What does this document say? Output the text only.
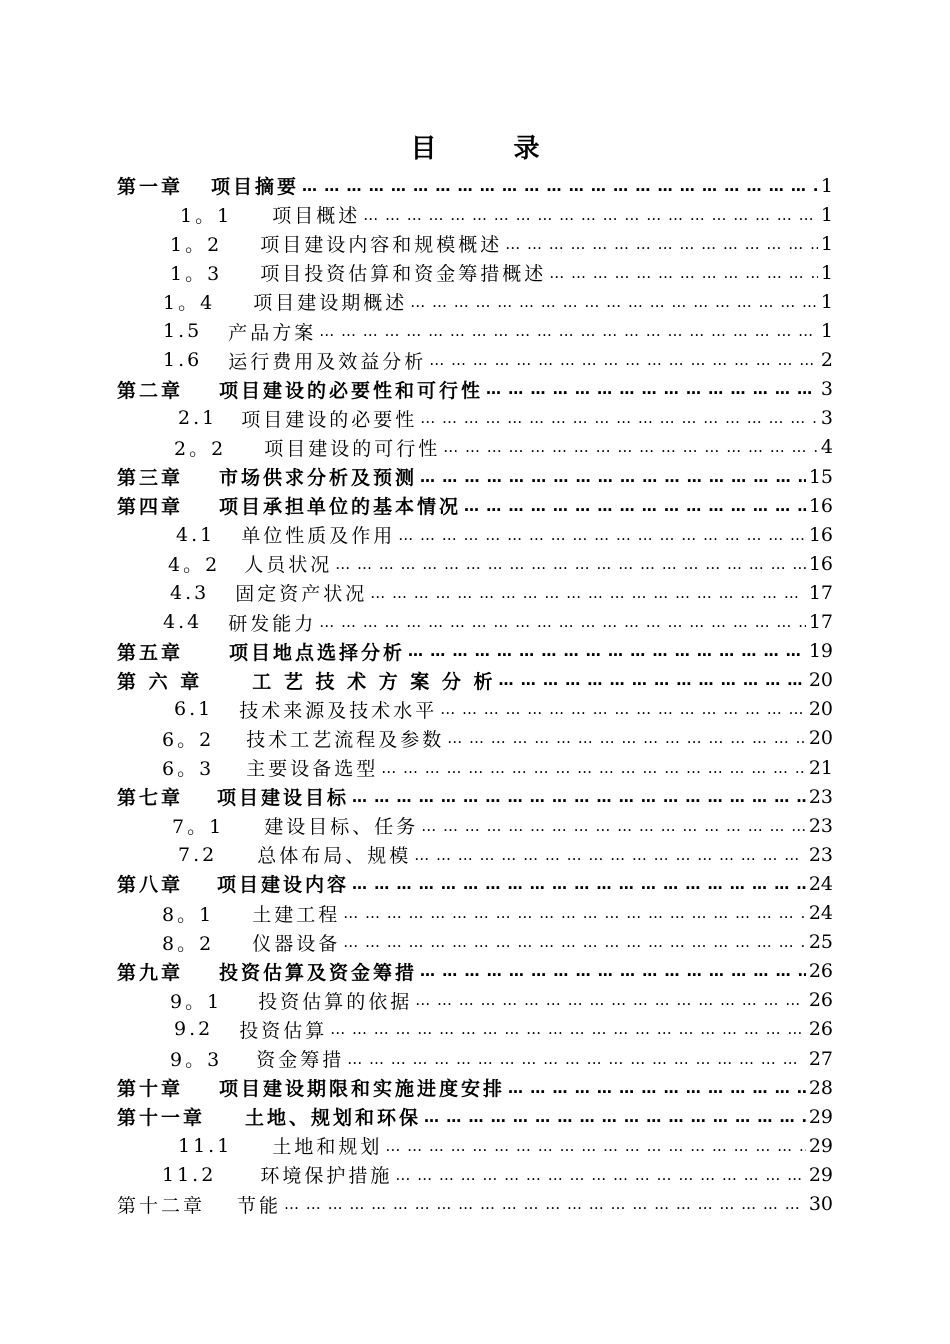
目 录
第一章 项目摘要 … … … … … … … … … … … … … … … … … … … … … … … … … … … … … … … … … … … … … … … … … … … … … … … … … … … … … … … … … … … …	1
1。1 项目概述 … … … … … … … … … … … … … … … … … … … … … … … … … … … … … … … … … … … … … … … … … … … … … … … … … … … … … … … … … … … …	1
1。2 项目建设内容和规模概述 … … … … … … … … … … … … … … … … … … … … … … … … … … … … … … … … … … … … … … … … … … … … … … … … … … … … … … … … … … … …	1
1。3 项目投资估算和资金筹措概述 … … … … … … … … … … … … … … … … … … … … … … … … … … … … … … … … … … … … … … … … … … … … … … … … … … … … … … … … … … … …	1
1。4 项目建设期概述 … … … … … … … … … … … … … … … … … … … … … … … … … … … … … … … … … … … … … … … … … … … … … … … … … … … … … … … … … … … …	1
1.5 产品方案 … … … … … … … … … … … … … … … … … … … … … … … … … … … … … … … … … … … … … … … … … … … … … … … … … … … … … … … … … … … …	1
1.6 运行费用及效益分析 … … … … … … … … … … … … … … … … … … … … … … … … … … … … … … … … … … … … … … … … … … … … … … … … … … … … … … … … … … … …	2
第二章 项目建设的必要性和可行性 … … … … … … … … … … … … … … … … … … … … … … … … … … … … … … … … … … … … … … … … … … … … … … … … … … … … … … … … … … … …	3
2.1 项目建设的必要性 … … … … … … … … … … … … … … … … … … … … … … … … … … … … … … … … … … … … … … … … … … … … … … … … … … … … … … … … … … … …	3
2。2 项目建设的可行性 … … … … … … … … … … … … … … … … … … … … … … … … … … … … … … … … … … … … … … … … … … … … … … … … … … … … … … … … … … … …	4
第三章 市场供求分析及预测 … … … … … … … … … … … … … … … … … … … … … … … … … … … … … … … … … … … … … … … … … … … … … … … … … … … … … … … … … … … …	15
第四章 项目承担单位的基本情况 … … … … … … … … … … … … … … … … … … … … … … … … … … … … … … … … … … … … … … … … … … … … … … … … … … … … … … … … … … … …	16
4.1 单位性质及作用 … … … … … … … … … … … … … … … … … … … … … … … … … … … … … … … … … … … … … … … … … … … … … … … … … … … … … … … … … … … …	16
4。2 人员状况 … … … … … … … … … … … … … … … … … … … … … … … … … … … … … … … … … … … … … … … … … … … … … … … … … … … … … … … … … … … …	16
4.3 固定资产状况 … … … … … … … … … … … … … … … … … … … … … … … … … … … … … … … … … … … … … … … … … … … … … … … … … … … … … … … … … … … …	17
4.4 研发能力 … … … … … … … … … … … … … … … … … … … … … … … … … … … … … … … … … … … … … … … … … … … … … … … … … … … … … … … … … … … …	17
第五章 项目地点选择分析 … … … … … … … … … … … … … … … … … … … … … … … … … … … … … … … … … … … … … … … … … … … … … … … … … … … … … … … … … … … …	19
第 六 章	工 艺 技 术 方 案 分 析 … … … … … … … … … … … … … … … … … … … … … … … … … … … … … … … … … … … … … … … … … … … … … … … … … … … … … … … … … … … …	20
6.1 技术来源及技术水平 … … … … … … … … … … … … … … … … … … … … … … … … … … … … … … … … … … … … … … … … … … … … … … … … … … … … … … … … … … … …	20
6。2 技术工艺流程及参数 … … … … … … … … … … … … … … … … … … … … … … … … … … … … … … … … … … … … … … … … … … … … … … … … … … … … … … … … … … … …	20
6。3 主要设备选型 … … … … … … … … … … … … … … … … … … … … … … … … … … … … … … … … … … … … … … … … … … … … … … … … … … … … … … … … … … … …	21
第七章 项目建设目标 … … … … … … … … … … … … … … … … … … … … … … … … … … … … … … … … … … … … … … … … … … … … … … … … … … … … … … … … … … … …	23
7。1 建设目标、任务 … … … … … … … … … … … … … … … … … … … … … … … … … … … … … … … … … … … … … … … … … … … … … … … … … … … … … … … … … … … …	23
7.2 总体布局、规模 … … … … … … … … … … … … … … … … … … … … … … … … … … … … … … … … … … … … … … … … … … … … … … … … … … … … … … … … … … … …	23
第八章 项目建设内容 … … … … … … … … … … … … … … … … … … … … … … … … … … … … … … … … … … … … … … … … … … … … … … … … … … … … … … … … … … … …	24
8。1 土建工程 … … … … … … … … … … … … … … … … … … … … … … … … … … … … … … … … … … … … … … … … … … … … … … … … … … … … … … … … … … … …	24
8。2 仪器设备 … … … … … … … … … … … … … … … … … … … … … … … … … … … … … … … … … … … … … … … … … … … … … … … … … … … … … … … … … … … …	25
第九章 投资估算及资金筹措 … … … … … … … … … … … … … … … … … … … … … … … … … … … … … … … … … … … … … … … … … … … … … … … … … … … … … … … … … … … …	26
9。1 投资估算的依据 … … … … … … … … … … … … … … … … … … … … … … … … … … … … … … … … … … … … … … … … … … … … … … … … … … … … … … … … … … … …	26
9.2 投资估算 … … … … … … … … … … … … … … … … … … … … … … … … … … … … … … … … … … … … … … … … … … … … … … … … … … … … … … … … … … … …	26
9。3 资金筹措 … … … … … … … … … … … … … … … … … … … … … … … … … … … … … … … … … … … … … … … … … … … … … … … … … … … … … … … … … … … …	27
第十章 项目建设期限和实施进度安排 … … … … … … … … … … … … … … … … … … … … … … … … … … … … … … … … … … … … … … … … … … … … … … … … … … … … … … … … … … … …	28
第十一章 土地、规划和环保 … … … … … … … … … … … … … … … … … … … … … … … … … … … … … … … … … … … … … … … … … … … … … … … … … … … … … … … … … … … …	29
11.1 土地和规划 … … … … … … … … … … … … … … … … … … … … … … … … … … … … … … … … … … … … … … … … … … … … … … … … … … … … … … … … … … … …	29
11.2 环境保护措施 … … … … … … … … … … … … … … … … … … … … … … … … … … … … … … … … … … … … … … … … … … … … … … … … … … … … … … … … … … … …	29
第十二章 节能 … … … … … … … … … … … … … … … … … … … … … … … … … … … … … … … … … … … … … … … … … … … … … … … … … … … … … … … … … … … …	30
